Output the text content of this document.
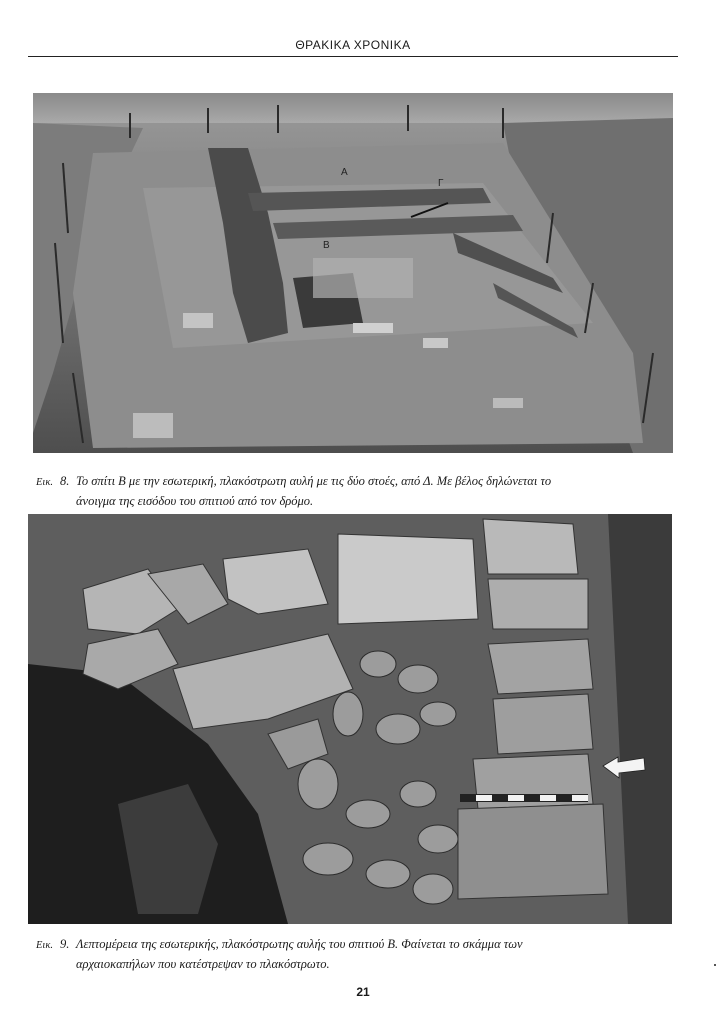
ΘΡΑΚΙΚΑ ΧΡΟΝΙΚΑ
Α
Γ
Β
Εικ. 8. Το σπίτι Β με την εσωτερική, πλακόστρωτη αυλή με τις δύο στοές, από Δ. Με βέλος δηλώνεται το
άνοιγμα της εισόδου του σπιτιού από τον δρόμο.
Εικ. 9. Λεπτομέρεια της εσωτερικής, πλακόστρωτης αυλής του σπιτιού Β. Φαίνεται το σκάμμα των
αρχαιοκαπήλων που κατέστρεψαν το πλακόστρωτο.
21
